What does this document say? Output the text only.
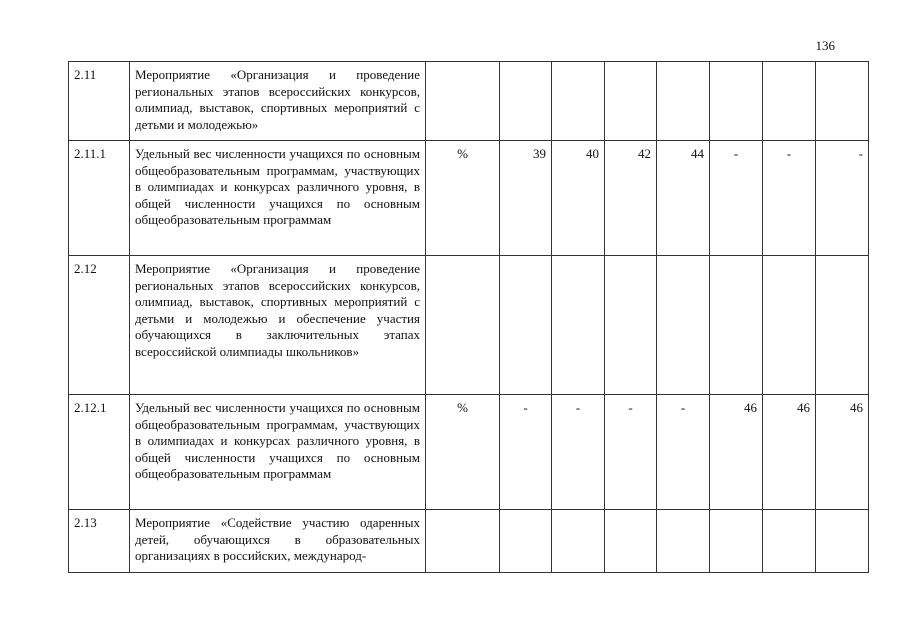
136
2.11	Мероприятие «Организация и проведение региональных этапов всероссийских конкурсов, олимпиад, выставок, спортивных мероприятий с детьми и молодежью»								
2.11.1	Удельный вес численности учащихся по основным общеобразовательным программам, участвующих в олимпиадах и конкурсах различного уровня, в общей численности учащихся по основным общеобразовательным программам	%	39	40	42	44	-	-	-
2.12	Мероприятие «Организация и проведение региональных этапов всероссийских конкурсов, олимпиад, выставок, спортивных мероприятий с детьми и молодежью и обеспечение участия обучающихся в заключительных этапах всероссийской олимпиады школьников»								
2.12.1	Удельный вес численности учащихся по основным общеобразовательным программам, участвующих в олимпиадах и конкурсах различного уровня, в общей численности учащихся по основным общеобразовательным программам	%	-	-	-	-	46	46	46
2.13	Мероприятие «Содействие участию одаренных детей, обучающихся в образовательных организациях в российских, международ-								
